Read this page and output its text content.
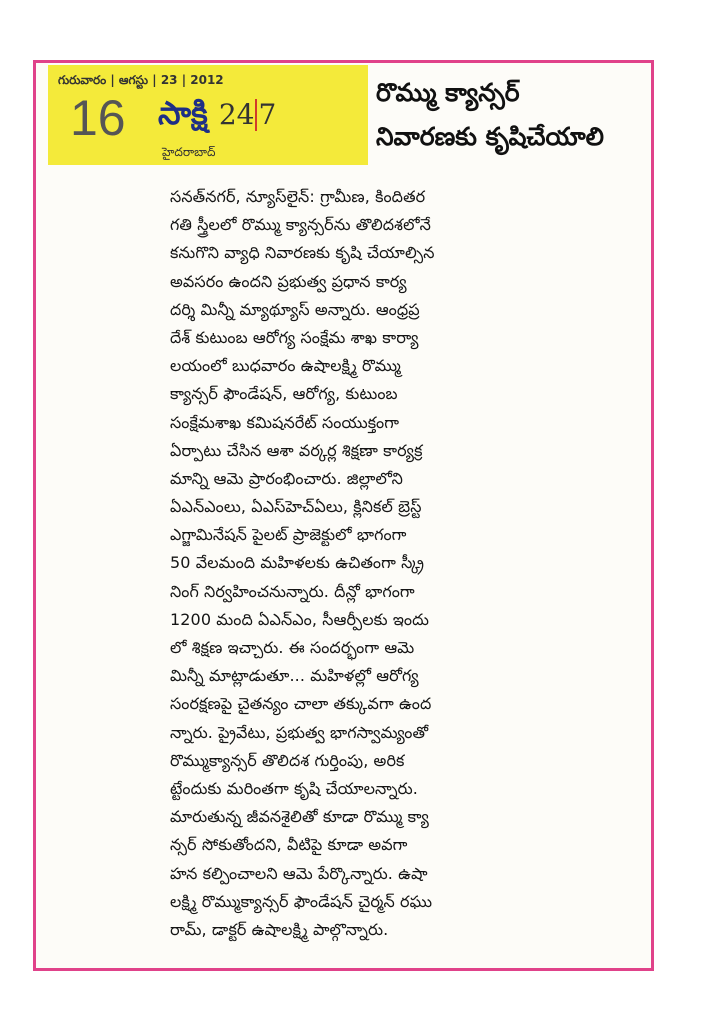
గురువారం | ఆగస్టు | 23 | 2012
16 సాక్షి 24 7
హైదరాబాద్
రొమ్ము క్యాన్సర్
నివారణకు కృషిచేయాలి
సనత్‌నగర్, న్యూస్‌లైన్: గ్రామీణ, కిందితర
గతి స్త్రీలలో రొమ్ము క్యాన్సర్‌ను తొలిదశలోనే
కనుగొని వ్యాధి నివారణకు కృషి చేయాల్సిన
అవసరం ఉందని ప్రభుత్వ ప్రధాన కార్య
దర్శి మిన్నీ మ్యాథ్యూస్ అన్నారు. ఆంధ్రప్ర
దేశ్ కుటుంబ ఆరోగ్య సంక్షేమ శాఖ కార్యా
లయంలో బుధవారం ఉషాలక్ష్మి రొమ్ము
క్యాన్సర్ ఫౌండేషన్, ఆరోగ్య, కుటుంబ
సంక్షేమశాఖ కమిషనరేట్ సంయుక్తంగా
ఏర్పాటు చేసిన ఆశా వర్కర్ల శిక్షణా కార్యక్ర
మాన్ని ఆమె ప్రారంభించారు. జిల్లాలోని
ఏఎన్‌ఎంలు, ఏఎస్‌హెచ్‌ఏలు, క్లినికల్ బ్రెస్ట్
ఎగ్జామినేషన్ పైలట్ ప్రాజెక్టులో భాగంగా
50 వేలమంది మహిళలకు ఉచితంగా స్క్రీ
నింగ్ నిర్వహించనున్నారు. దీన్లో భాగంగా
1200 మంది ఏఎన్‌ఎం, సీఆర్పీలకు ఇందు
లో శిక్షణ ఇచ్చారు. ఈ సందర్భంగా ఆమె
మిన్నీ మాట్లాడుతూ... మహిళల్లో ఆరోగ్య
సంరక్షణపై చైతన్యం చాలా తక్కువగా ఉంద
న్నారు. ప్రైవేటు, ప్రభుత్వ భాగస్వామ్యంతో
రొమ్ముక్యాన్సర్ తొలిదశ గుర్తింపు, అరిక
ట్టేందుకు మరింతగా కృషి చేయాలన్నారు.
మారుతున్న జీవనశైలితో కూడా రొమ్ము క్యా
న్సర్ సోకుతోందని, వీటిపై కూడా అవగా
హన కల్పించాలని ఆమె పేర్కొన్నారు. ఉషా
లక్ష్మి రొమ్ముక్యాన్సర్ ఫౌండేషన్ చైర్మన్ రఘు
రామ్, డాక్టర్ ఉషాలక్ష్మి పాల్గొన్నారు.
